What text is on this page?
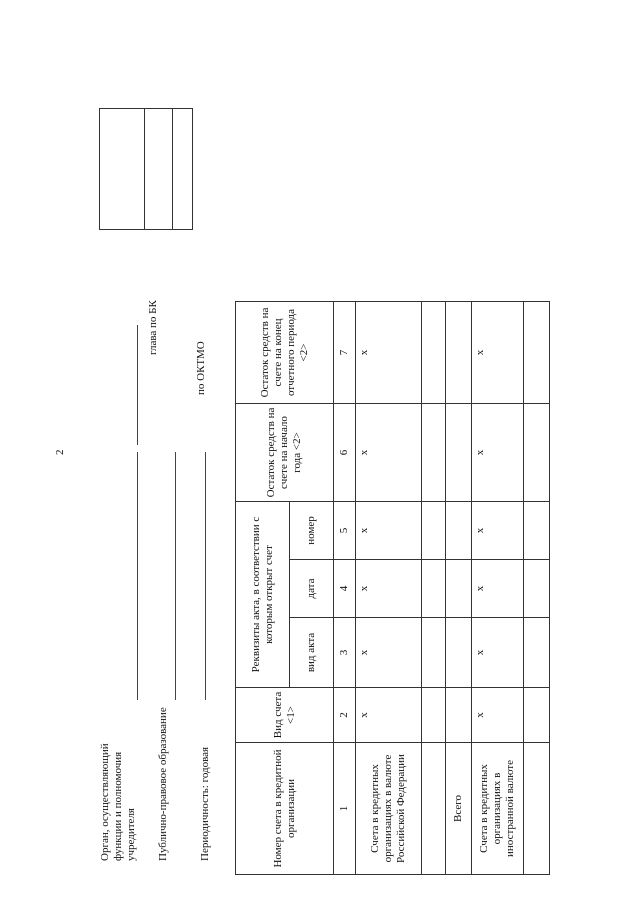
2
Орган, осуществляющий функции и полномочия учредителя Публично-правовое образование	Периодичность: годовая
глава по БК
по ОКТМО
Номер счета в кредитной организации	Вид счета <1>	Реквизиты акта, в соответствии с которым открыт счет			Остаток средств на счете на начало года <2>	Остаток средств на счете на конец отчетного периода <2>
		вид акта	дата	номер		
1	2	3	4	5	6	7
Счета в кредитных организациях в валюте Российской Федерации	x	x	x	x	x	x

Всего						
Счета в кредитных организациях в иностранной валюте	x	x	x	x	x	x
